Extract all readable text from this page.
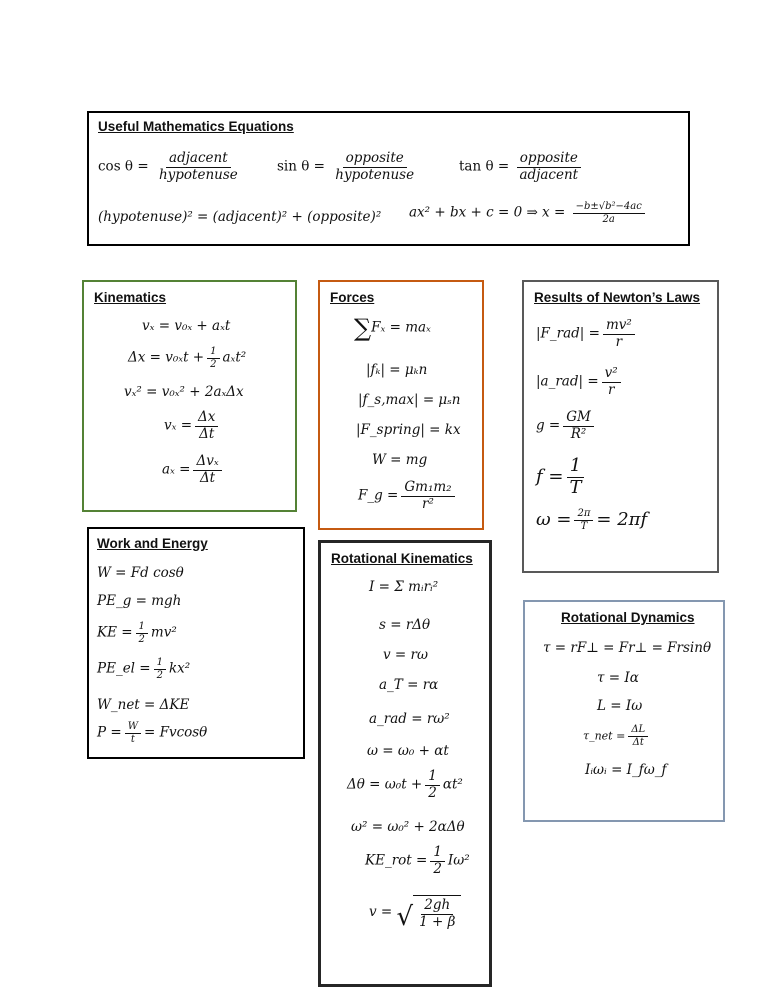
Useful Mathematics Equations
$\cos \theta = \frac{\text{adjacent}}{\text{hypotenuse}}$	$\sin \theta = \frac{\text{opposite}}{\text{hypotenuse}}$	$\tan \theta = \frac{\text{opposite}}{\text{adjacent}}$
(hypotenuse)² = (adjacent)² + (opposite)² ax² + bx + c = 0 ⇒ $x = \frac{\text{−b±√b²−4ac}}{2a}$
Kinematics
vₓ = v₀ₓ + aₓt
$\Delta x = v_{0x}t + \frac{1}{2} a_xt^2$
vₓ² = v₀ₓ² + 2aₓΔx
$v_x = \frac{\Delta x}{\Delta t}$
$a_x = \frac{\text{Δvₓ}}{\Delta t}$
Forces
∑Fₓ = maₓ
|fₖ| = μₖn
|f_s,max| = μₛn
|F_spring| = kx
W = mg
F_g = $\frac{\text{Gm₁m₂}}{\text{r²}}$
Results of Newton’s Laws
|F_rad| = $\frac{\text{mv²}}{r}$
|a_rad| = $\frac{\text{v²}}{r}$
$g = \frac{GM}{\text{R²}}$
$f = \frac{1}{T}$
$\omega = \frac{2\pi}{T} = 2\pi f$
Work and Energy
W = Fd cosθ
PE_g = mgh
KE = $\frac{1}{2} mv^2$
PE_el = $\frac{1}{2} kx^2$
W_net = ΔKE
$P = \frac{W}{t} = Fvcos\theta$
Rotational Kinematics
I = Σ mᵢrᵢ²
s = rΔθ
v = rω
a_T = rα
a_rad = rω²
ω = ω₀ + αt
$\Delta\theta = \omega_0t + \frac{1}{2} \alpha t^2$
ω² = ω₀² + 2αΔθ
KE_rot = $\frac{1}{2} I\omega^2$
v = √ $\frac{2gh}{1 + \beta}$
Rotational Dynamics
τ = rF⊥ = Fr⊥ = Frsinθ
τ = Iα
L = Iω
τ_net = $\frac{\Delta L}{\Delta t}$
Iᵢωᵢ = I_fω_f
